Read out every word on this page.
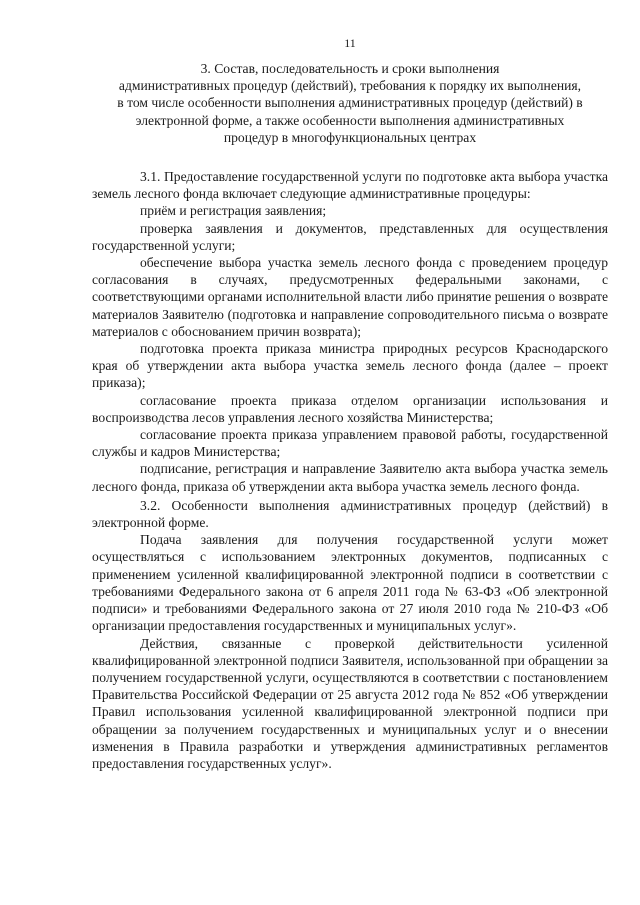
11
3. Состав, последовательность и сроки выполнения
административных процедур (действий), требования к порядку их выполнения,
в том числе особенности выполнения административных процедур (действий) в
электронной форме, а также особенности выполнения административных
процедур в многофункциональных центрах

3.1. Предоставление государственной услуги по подготовке акта выбора участка земель лесного фонда включает следующие административные процедуры:

приём и регистрация заявления;

проверка заявления и документов, представленных для осуществления государственной услуги;

обеспечение выбора участка земель лесного фонда с проведением процедур согласования в случаях, предусмотренных федеральными законами, с соответствующими органами исполнительной власти либо принятие решения о возврате материалов Заявителю (подготовка и направление сопроводительного письма о возврате материалов с обоснованием причин возврата);

подготовка проекта приказа министра природных ресурсов Краснодарского края об утверждении акта выбора участка земель лесного фонда (далее – проект приказа);

согласование проекта приказа отделом организации использования и воспроизводства лесов управления лесного хозяйства Министерства;

согласование проекта приказа управлением правовой работы, государственной службы и кадров Министерства;

подписание, регистрация и направление Заявителю акта выбора участка земель лесного фонда, приказа об утверждении акта выбора участка земель лесного фонда.

3.2. Особенности выполнения административных процедур (действий) в электронной форме.

Подача заявления для получения государственной услуги может осуществляться с использованием электронных документов, подписанных с применением усиленной квалифицированной электронной подписи в соответствии с требованиями Федерального закона от 6 апреля 2011 года № 63-ФЗ «Об электронной подписи» и требованиями Федерального закона от 27 июля 2010 года № 210-ФЗ «Об организации предоставления государственных и муниципальных услуг».

Действия, связанные с проверкой действительности усиленной квалифицированной электронной подписи Заявителя, использованной при обращении за получением государственной услуги, осуществляются в соответствии с постановлением Правительства Российской Федерации от 25 августа 2012 года № 852 «Об утверждении Правил использования усиленной квалифицированной электронной подписи при обращении за получением государственных и муниципальных услуг и о внесении изменения в Правила разработки и утверждения административных регламентов предоставления государственных услуг».
